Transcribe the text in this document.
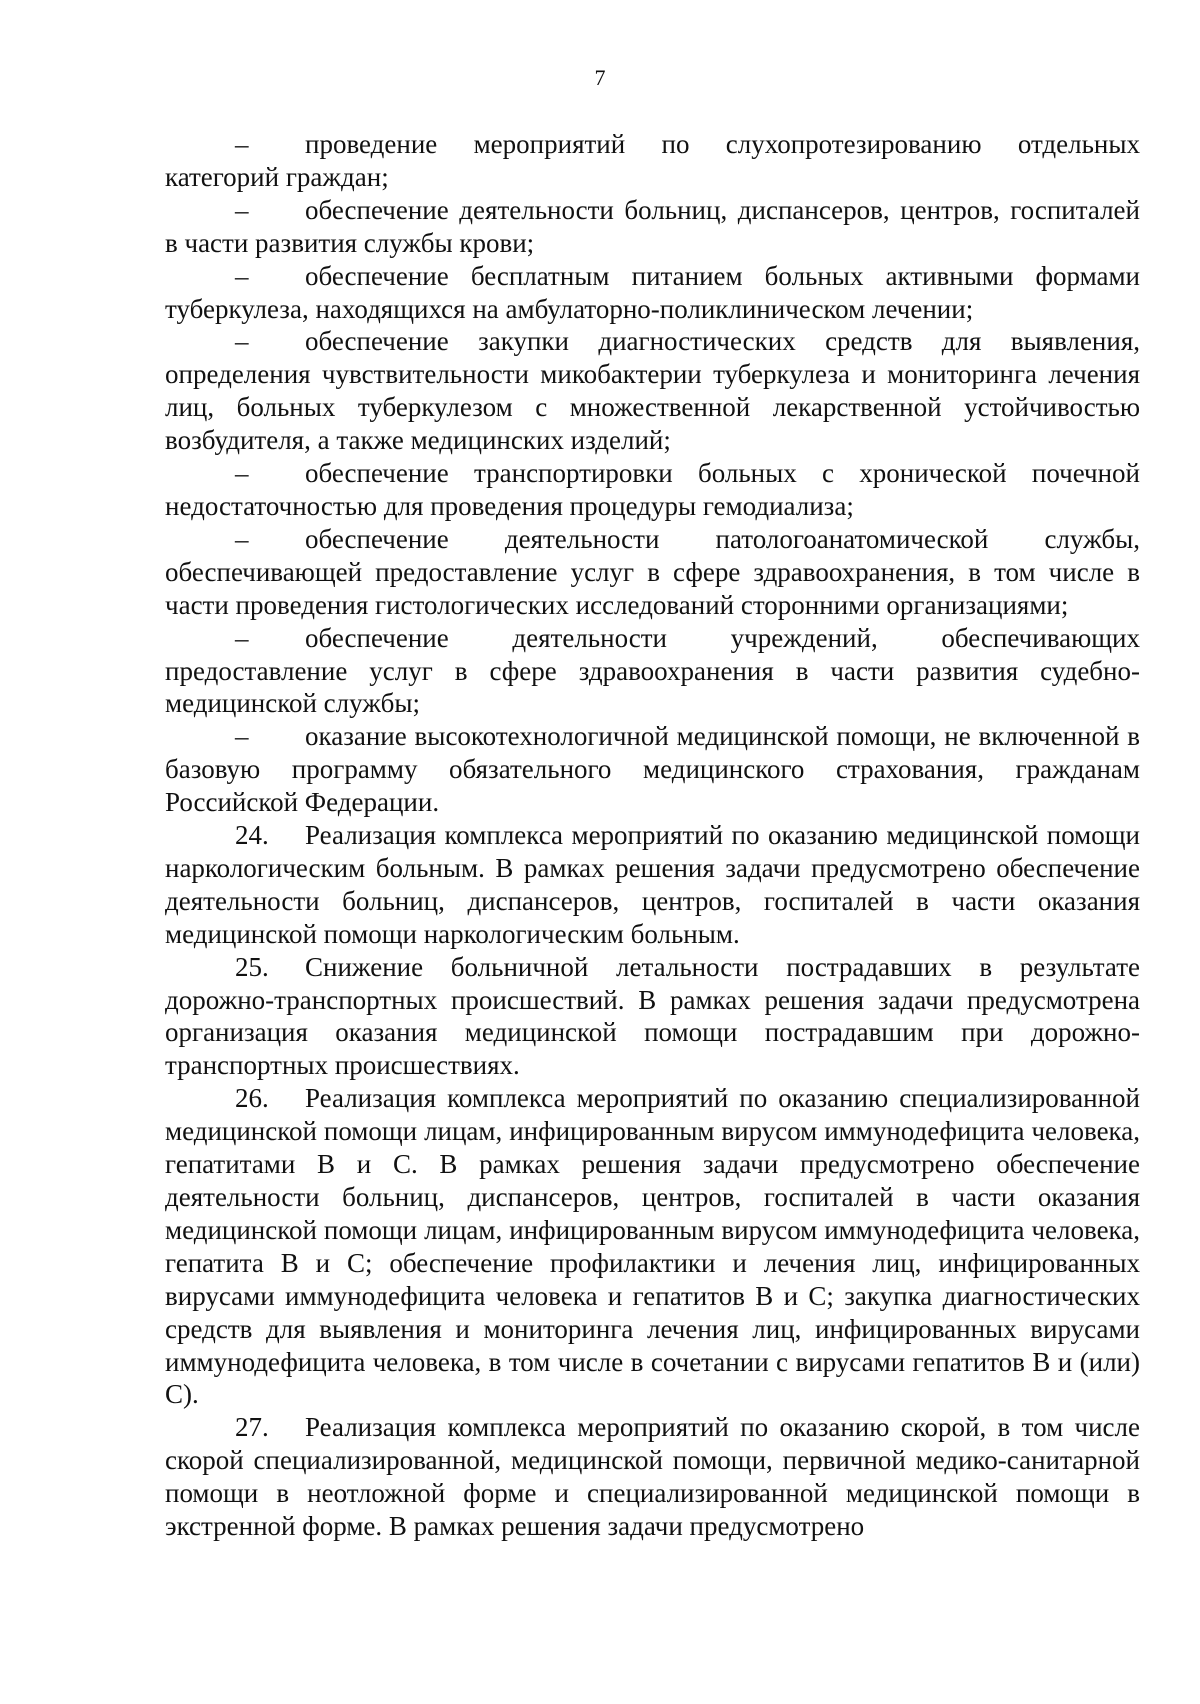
7

– проведение мероприятий по слухопротезированию отдельных категорий граждан;

– обеспечение деятельности больниц, диспансеров, центров, госпиталей в части развития службы крови;

– обеспечение бесплатным питанием больных активными формами туберкулеза, находящихся на амбулаторно-поликлиническом лечении;

– обеспечение закупки диагностических средств для выявления, определения чувствительности микобактерии туберкулеза и мониторинга лечения лиц, больных туберкулезом с множественной лекарственной устойчивостью возбудителя, а также медицинских изделий;

– обеспечение транспортировки больных с хронической почечной недостаточностью для проведения процедуры гемодиализа;

– обеспечение деятельности патологоанатомической службы, обеспечивающей предоставление услуг в сфере здравоохранения, в том числе в части проведения гистологических исследований сторонними организациями;

– обеспечение деятельности учреждений, обеспечивающих предоставление услуг в сфере здравоохранения в части развития судебно-медицинской службы;

– оказание высокотехнологичной медицинской помощи, не включенной в базовую программу обязательного медицинского страхования, гражданам Российской Федерации.

24. Реализация комплекса мероприятий по оказанию медицинской помощи наркологическим больным. В рамках решения задачи предусмотрено обеспечение деятельности больниц, диспансеров, центров, госпиталей в части оказания медицинской помощи наркологическим больным.

25. Снижение больничной летальности пострадавших в результате дорожно-транспортных происшествий. В рамках решения задачи предусмотрена организация оказания медицинской помощи пострадавшим при дорожно-транспортных происшествиях.

26. Реализация комплекса мероприятий по оказанию специализированной медицинской помощи лицам, инфицированным вирусом иммунодефицита человека, гепатитами В и С. В рамках решения задачи предусмотрено обеспечение деятельности больниц, диспансеров, центров, госпиталей в части оказания медицинской помощи лицам, инфицированным вирусом иммунодефицита человека, гепатита В и С; обеспечение профилактики и лечения лиц, инфицированных вирусами иммунодефицита человека и гепатитов В и С; закупка диагностических средств для выявления и мониторинга лечения лиц, инфицированных вирусами иммунодефицита человека, в том числе в сочетании с вирусами гепатитов В и (или) С).

27. Реализация комплекса мероприятий по оказанию скорой, в том числе скорой специализированной, медицинской помощи, первичной медико-санитарной помощи в неотложной форме и специализированной медицинской помощи в экстренной форме. В рамках решения задачи предусмотрено
